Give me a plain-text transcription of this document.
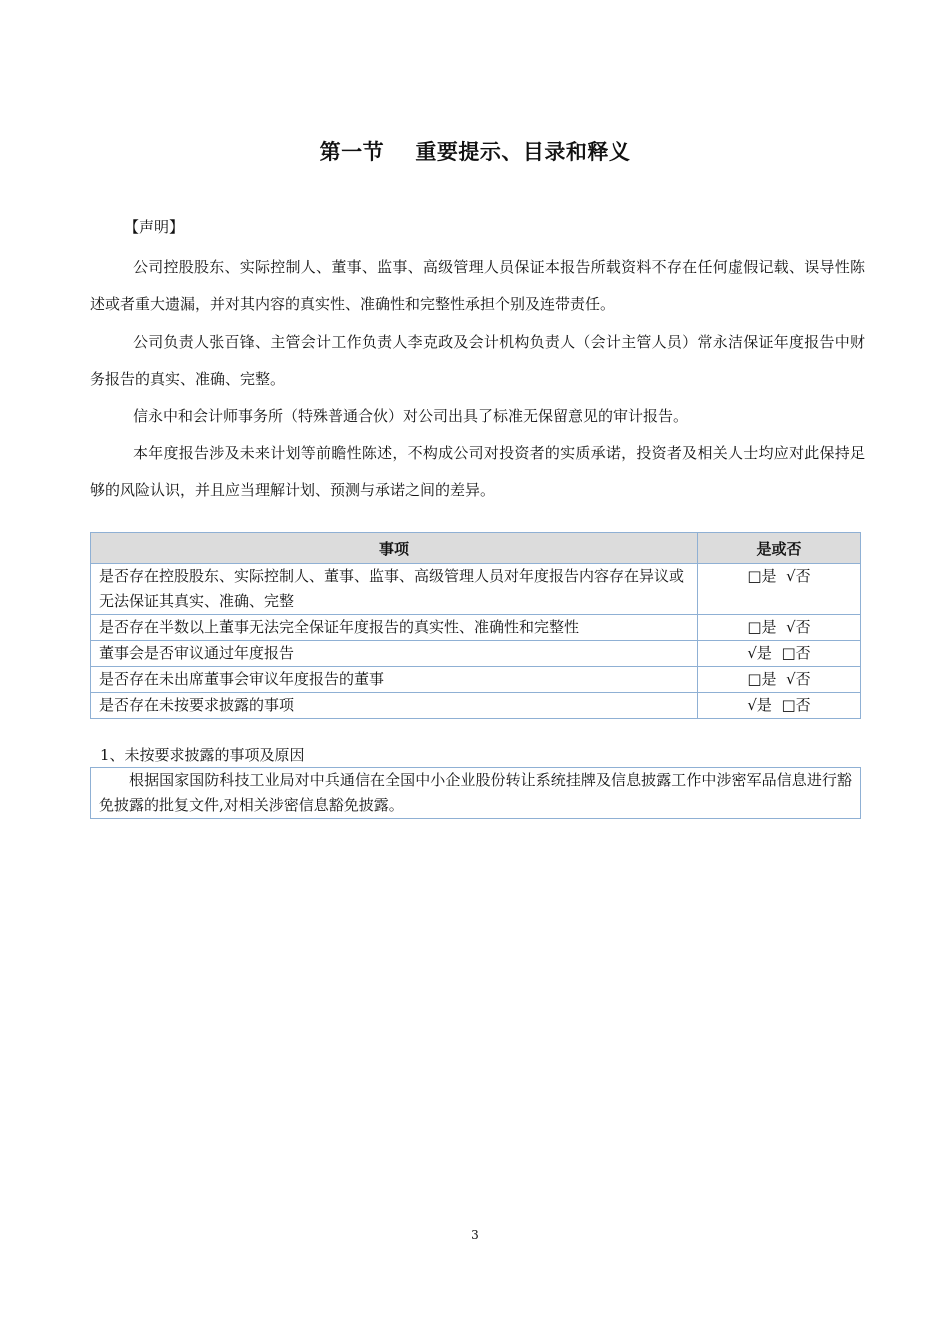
第一节    重要提示、目录和释义
【声明】
公司控股股东、实际控制人、董事、监事、高级管理人员保证本报告所载资料不存在任何虚假记载、误导性陈述或者重大遗漏，并对其内容的真实性、准确性和完整性承担个别及连带责任。
公司负责人张百锋、主管会计工作负责人李克政及会计机构负责人（会计主管人员）常永洁保证年度报告中财务报告的真实、准确、完整。
信永中和会计师事务所（特殊普通合伙）对公司出具了标准无保留意见的审计报告。
本年度报告涉及未来计划等前瞻性陈述，不构成公司对投资者的实质承诺，投资者及相关人士均应对此保持足够的风险认识，并且应当理解计划、预测与承诺之间的差异。
事项	是或否
是否存在控股股东、实际控制人、董事、监事、高级管理人员对年度报告内容存在异议或无法保证其真实、准确、完整	□是  √否
是否存在半数以上董事无法完全保证年度报告的真实性、准确性和完整性	□是  √否
董事会是否审议通过年度报告	√是  □否
是否存在未出席董事会审议年度报告的董事	□是  √否
是否存在未按要求披露的事项	√是  □否
1、未按要求披露的事项及原因
根据国家国防科技工业局对中兵通信在全国中小企业股份转让系统挂牌及信息披露工作中涉密军品信息进行豁免披露的批复文件,对相关涉密信息豁免披露。
3
